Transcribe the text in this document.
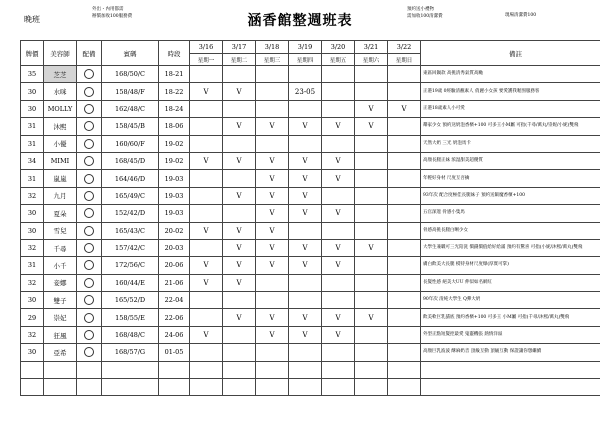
晚班
外出・內用都需
辦償加收100服務費	涵香館整週班表
預約送小禮物
需加收100清潔費	現場清潔費100
牌價	美容師	配備	賓碼	時段	3/16	3/17	3/18	3/19	3/20	3/21	3/22	備註
					星期一	星期二	星期三	星期四	星期五	星期六	星期日	
35	芝芝		168/50/C	18-21								東區回鍋款 高挑清秀氣質高颱
30	水咪		158/48/F	18-22	V	V		23-05				正港19歲 0經驗清蘸素人 俏麗小女孩 要愛護我喔图服務客
30	MOLLY		162/48/C	18-24						V	V	正港18歲素人小可愛
31	沐熙		158/45/B	18-06		V	V	V	V	V		鄰家少女 預約送奶泡香檳+100 可多王小M屬 可指(千尋/萬丸/崇妮/小妮)雙飛
31	小優		160/60/F	19-02								天然大奶 三光 奶泡馬卡
34	MIMI		168/45/D	19-02	V	V	V	V	V			高顏長腿正妹 浓湿甜美超優質
31	嵐嵐		164/46/D	19-03			V	V	V			年輕好身材 尺度互吾擒
32	九月		165/49/C	19-03		V	V	V				93年次 配合度極佳長腿妹子 預約送飯魔香檳+100
30	夏朵		152/42/D	19-03			V	V	V			五官深邃 骨感小隻馬
30	雪兒		165/43/C	20-02	V	V	V					骨感高挑長腿白晰少女
32	千尋		157/42/C	20-03		V	V	V	V	V		大學生兼職可三光陪洗 價錢價值給好給滿 預約有驚喜 可指(小妮/沐熙/萬丸)雙飛
31	小千		172/56/C	20-06	V	V	V	V	V			膚白飲美大長腿 模特身材尺度爆(厚實可掌)
32	妾娜		160/44/E	21-06	V	V						長髮性感 絕美大UU 伸似如名網紅
30	雙子		165/52/D	22-04								90年次 清純大學生 Q彈大奶
29	崇妃		158/55/E	22-06		V	V	V	V	V		飲美軟巨乳貓底 預約香檳+100 可多王 小M屬 可指(千尋/沐熙/萬丸)雙飛
32	狂風		168/48/C	24-06	V		V	V	V			外型正點短髮控最愛 鬼靈機張 熱情洋溢
30	亞希		168/57/G	01-05								高顏巨乳波波 酥麻奶音 頂級互動 頂級互動 保證讓你想繼續
